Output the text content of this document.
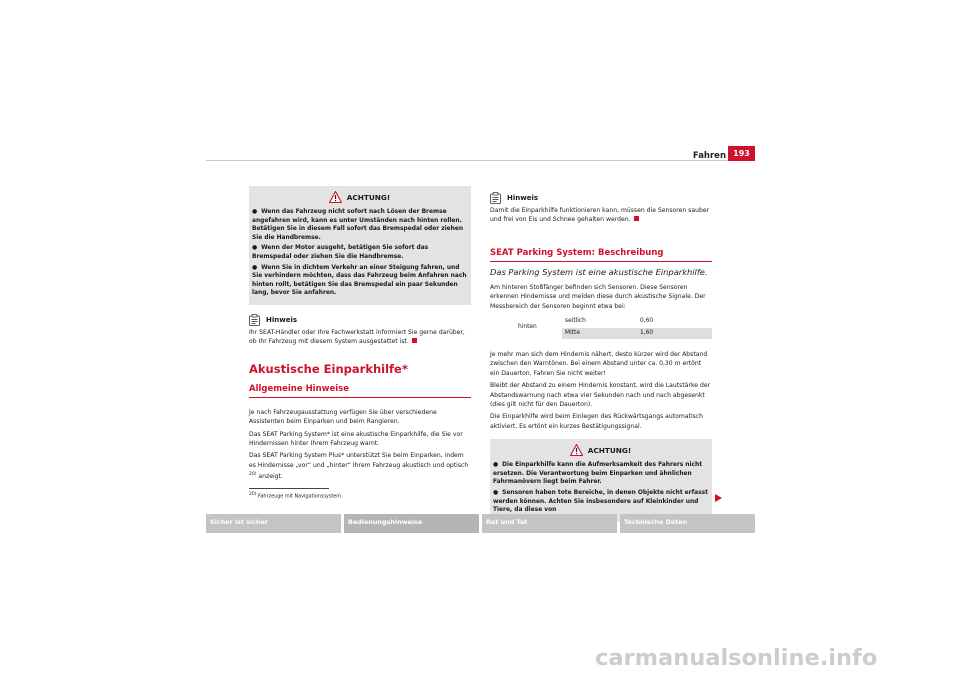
Fahren 193
ACHTUNG!
● Wenn das Fahrzeug nicht sofort nach Lösen der Bremse angefahren wird, kann es unter Umständen nach hinten rollen. Betätigen Sie in diesem Fall sofort das Bremspedal oder ziehen Sie die Handbremse.
● Wenn der Motor ausgeht, betätigen Sie sofort das Bremspedal oder ziehen Sie die Handbremse.
● Wenn Sie in dichtem Verkehr an einer Steigung fahren, und Sie verhindern möchten, dass das Fahrzeug beim Anfahren nach hinten rollt, betätigen Sie das Bremspedal ein paar Sekunden lang, bevor Sie anfahren.
Hinweis
Ihr SEAT-Händler oder Ihre Fachwerkstatt informiert Sie gerne darüber, ob Ihr Fahrzeug mit diesem System ausgestattet ist.
Akustische Einparkhilfe*
Allgemeine Hinweise
Je nach Fahrzeugausstattung verfügen Sie über verschiedene Assistenten beim Einparken und beim Rangieren.
Das SEAT Parking System* ist eine akustische Einparkhilfe, die Sie vor Hindernissen hinter Ihrem Fahrzeug warnt.
Das SEAT Parking System Plus* unterstützt Sie beim Einparken, indem es Hindernisse „vor“ und „hinter“ Ihrem Fahrzeug akustisch und optisch $^{20)}$ anzeigt.
$^{20)}$ Fahrzeuge mit Navigationssystem.
Hinweis
Damit die Einparkhilfe funktionieren kann, müssen die Sensoren sauber und frei von Eis und Schnee gehalten werden.
SEAT Parking System: Beschreibung
Das Parking System ist eine akustische Einparkhilfe.
Am hinteren Stoßfänger befinden sich Sensoren. Diese Sensoren erkennen Hindernisse und melden diese durch akustische Signale. Der Messbereich der Sensoren beginnt etwa bei:
hinten
seitlich	0,60
Mitte	1,60
Je mehr man sich dem Hindernis nähert, desto kürzer wird der Abstand zwischen den Warntönen. Bei einem Abstand unter ca. 0,30 m ertönt ein Dauerton. Fahren Sie nicht weiter!
Bleibt der Abstand zu einem Hindernis konstant, wird die Lautstärke der Abstandswarnung nach etwa vier Sekunden nach und nach abgesenkt (dies gilt nicht für den Dauerton).
Die Einparkhilfe wird beim Einlegen des Rückwärtsgangs automatisch aktiviert. Es ertönt ein kurzes Bestätigungssignal.
ACHTUNG!
● Die Einparkhilfe kann die Aufmerksamkeit des Fahrers nicht ersetzen. Die Verantwortung beim Einparken und ähnlichen Fahrmanövern liegt beim Fahrer.
● Sensoren haben tote Bereiche, in denen Objekte nicht erfasst werden können. Achten Sie insbesondere auf Kleinkinder und Tiere, da diese von
Sicher ist sicher	Bedienungshinweise	Rat und Tat	Technische Daten
carmanualsonline.info
